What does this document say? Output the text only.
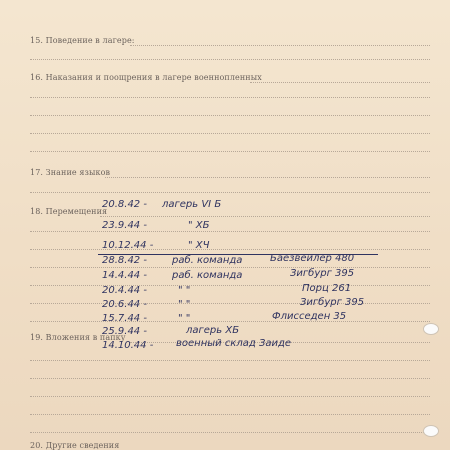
15. Поведение в лагере:
16. Наказания и поощрения в лагере военнопленных
17. Знание языков
18. Перемещения
19. Вложения в папку
20. Другие сведения
20.8.42 - лагерь VI Б
23.9.44 -	" XБ
10.12.44 -	" XЧ
28.8.42 -	раб. команда	Баезвейлер 480
14.4.44 -	раб. команда	Зигбург 395
20.4.44 -	" "	Порц 261
20.6.44 -	" "	Зигбург 395
15.7.44 -	" "	Флисседен 35
25.9.44 -	лагерь XБ
14.10.44 - военный склад Заиде
